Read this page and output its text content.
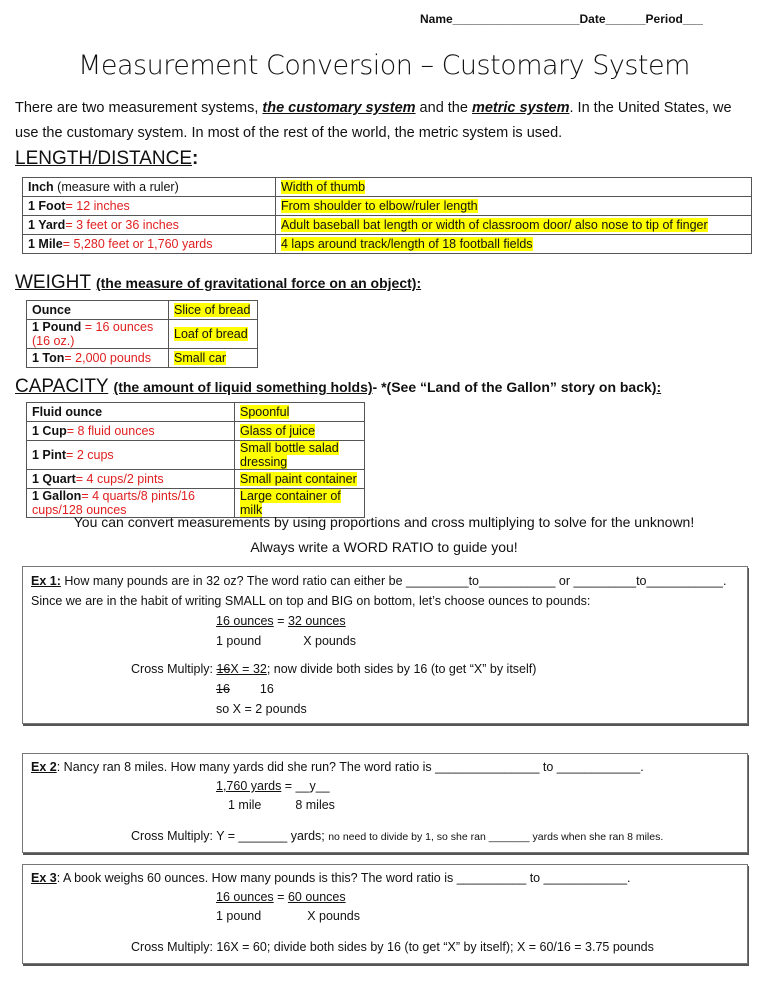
Name___________________Date______Period___
Measurement Conversion – Customary System
There are two measurement systems, the customary system and the metric system. In the United States, we use the customary system. In most of the rest of the world, the metric system is used.
LENGTH/DISTANCE:
Inch (measure with a ruler)	Width of thumb
1 Foot= 12 inches	From shoulder to elbow/ruler length
1 Yard= 3 feet or 36 inches	Adult baseball bat length or width of classroom door/ also nose to tip of finger
1 Mile= 5,280 feet or 1,760 yards	4 laps around track/length of 18 football fields
WEIGHT (the measure of gravitational force on an object):
Ounce	Slice of bread
1 Pound = 16 ounces (16 oz.)	Loaf of bread
1 Ton= 2,000 pounds	Small car
CAPACITY (the amount of liquid something holds)- *(See “Land of the Gallon” story on back):
Fluid ounce	Spoonful
1 Cup= 8 fluid ounces	Glass of juice
1 Pint= 2 cups	Small bottle salad dressing
1 Quart= 4 cups/2 pints	Small paint container
1 Gallon= 4 quarts/8 pints/16 cups/128 ounces	Large container of milk
You can convert measurements by using proportions and cross multiplying to solve for the unknown!
Always write a WORD RATIO to guide you!
Ex 1: How many pounds are in 32 oz? The word ratio can either be _________to___________ or _________to___________. Since we are in the habit of writing SMALL on top and BIG on bottom, let’s choose ounces to pounds:
16 ounces = 32 ounces
1 pound	X pounds
Cross Multiply: 16X = 32; now divide both sides by 16 (to get “X” by itself)
16 16
so X = 2 pounds
Ex 2: Nancy ran 8 miles. How many yards did she run? The word ratio is _______________ to ____________.
1,760 yards = __y__
1 mile	8 miles
Cross Multiply: Y = _______ yards; no need to divide by 1, so she ran _______ yards when she ran 8 miles.
Ex 3: A book weighs 60 ounces. How many pounds is this? The word ratio is __________ to ____________.
16 ounces = 60 ounces
1 pound	X pounds
Cross Multiply: 16X = 60; divide both sides by 16 (to get “X” by itself); X = 60/16 = 3.75 pounds
